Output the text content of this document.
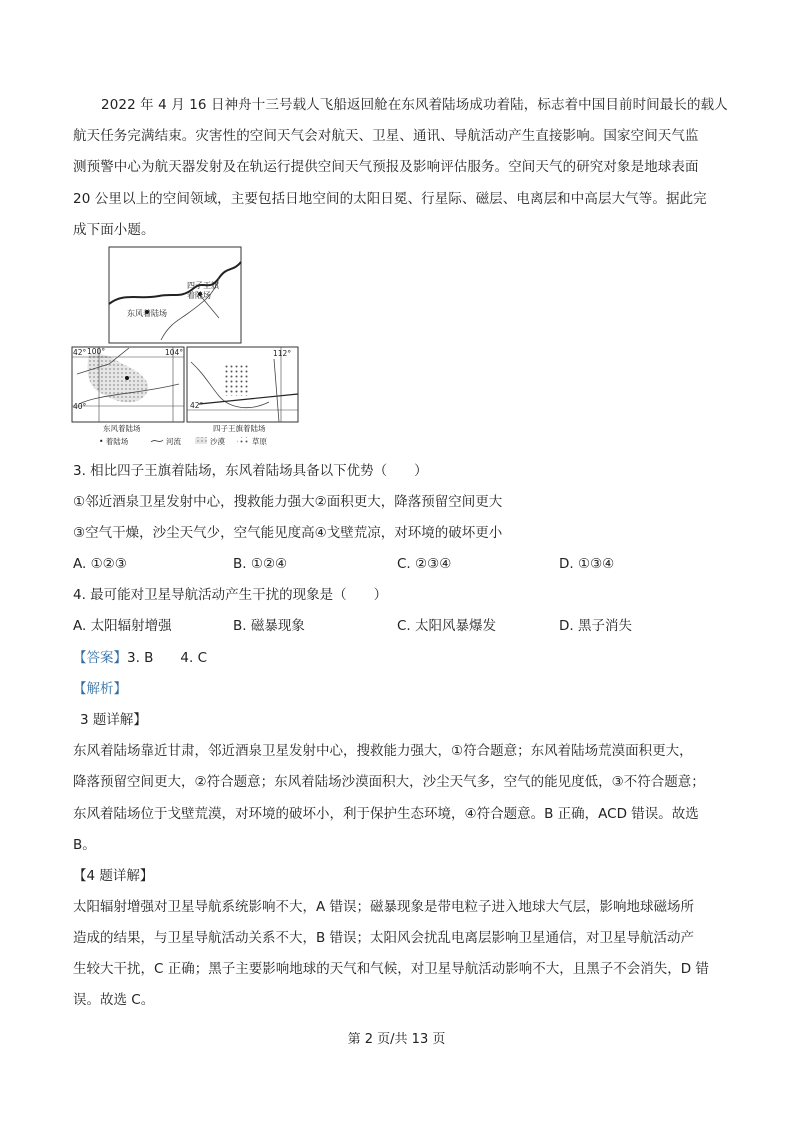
2022 年 4 月 16 日神舟十三号载人飞船返回舱在东风着陆场成功着陆，标志着中国目前时间最长的载人
航天任务完满结束。灾害性的空间天气会对航天、卫星、通讯、导航活动产生直接影响。国家空间天气监
测预警中心为航天器发射及在轨运行提供空间天气预报及影响评估服务。空间天气的研究对象是地球表面
20 公里以上的空间领域，主要包括日地空间的太阳日冕、行星际、磁层、电离层和中高层大气等。据此完
成下面小题。
四子王旗
着陆场
东风着陆场
42° 100°	104°
40°
东风着陆场
112°
42°
四子王旗着陆场
• 着陆场	河流	沙漠	草原
3. 相比四子王旗着陆场，东风着陆场具备以下优势（　　）
①邻近酒泉卫星发射中心，搜救能力强大②面积更大，降落预留空间更大
③空气干燥，沙尘天气少，空气能见度高④戈壁荒凉，对环境的破坏更小
A. ①②③	B. ①②④	C. ②③④	D. ①③④
4. 最可能对卫星导航活动产生干扰的现象是（　　）
A. 太阳辐射增强	B. 磁暴现象	C. 太阳风暴爆发	D. 黑子消失
【答案】3. B　　4. C
【解析】
3 题详解】
东风着陆场靠近甘肃，邻近酒泉卫星发射中心，搜救能力强大，①符合题意；东风着陆场荒漠面积更大，
降落预留空间更大，②符合题意；东风着陆场沙漠面积大，沙尘天气多，空气的能见度低，③不符合题意；
东风着陆场位于戈壁荒漠，对环境的破坏小，利于保护生态环境，④符合题意。B 正确，ACD 错误。故选
B。
【4 题详解】
太阳辐射增强对卫星导航系统影响不大，A 错误；磁暴现象是带电粒子进入地球大气层，影响地球磁场所
造成的结果，与卫星导航活动关系不大，B 错误；太阳风会扰乱电离层影响卫星通信，对卫星导航活动产
生较大干扰，C 正确；黑子主要影响地球的天气和气候，对卫星导航活动影响不大，且黑子不会消失，D 错
误。故选 C。
第 2 页/共 13 页
